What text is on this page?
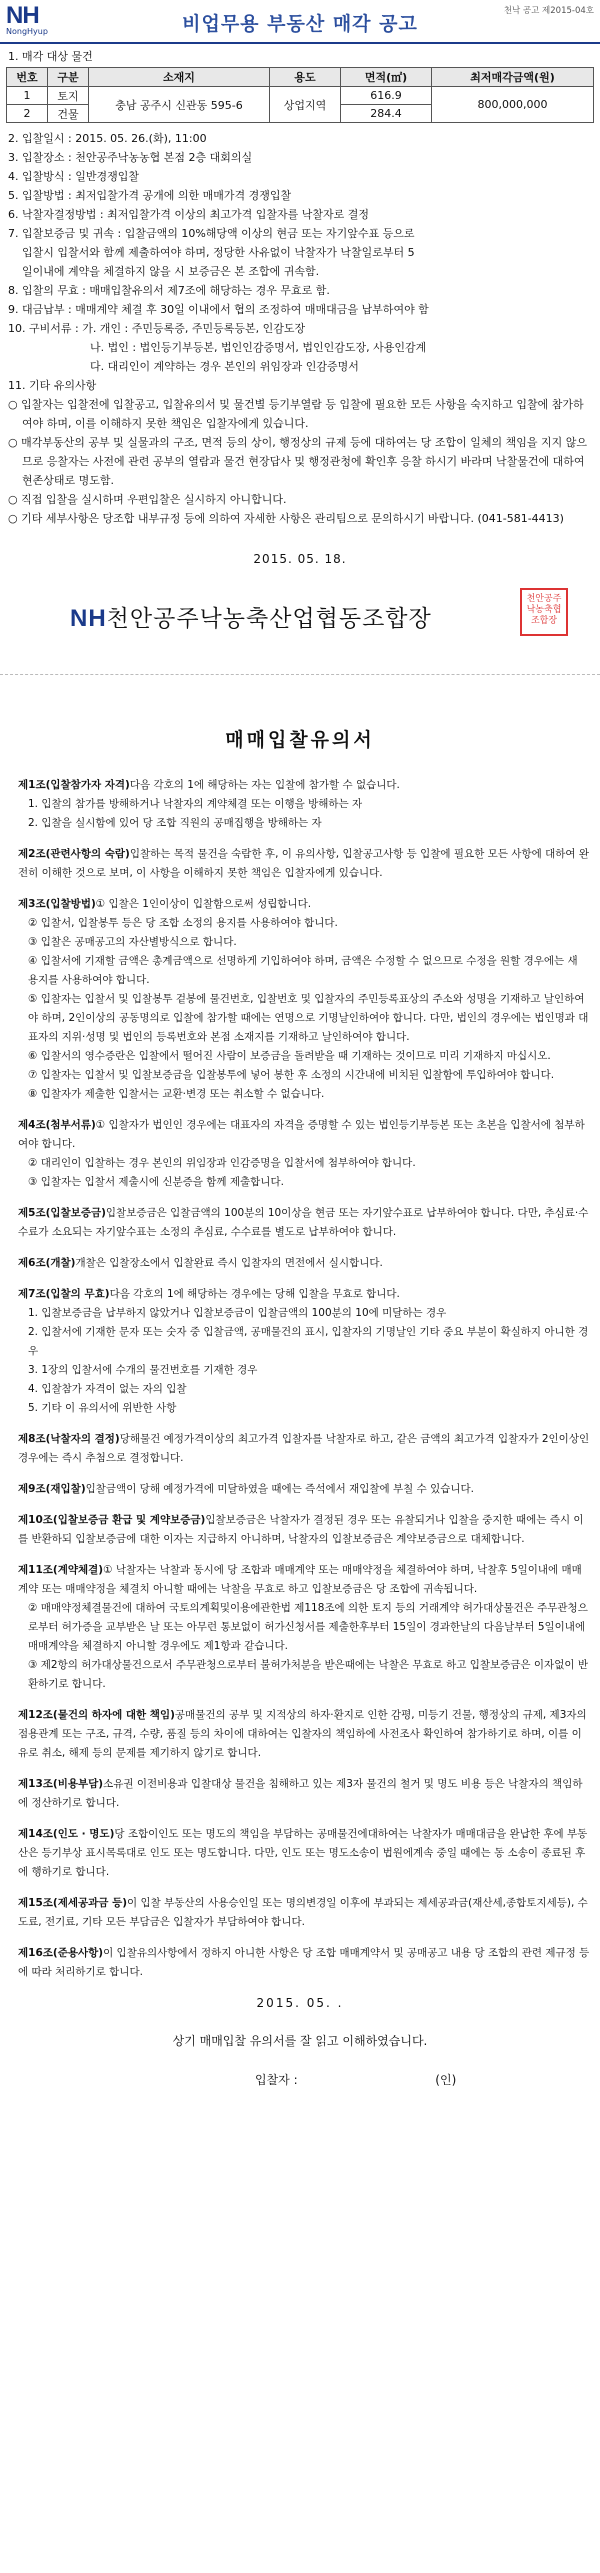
NH
NongHyup	비업무용 부동산 매각 공고
천낙 공고 제2015-04호
1. 매각 대상 물건
번호	구분	소재지	용도	면적(㎡)	최저매각금액(원)
1	토지	충남 공주시 신관동 595-6	상업지역	616.9	800,000,000
2	건물			284.4	

2. 입찰일시 : 2015. 05. 26.(화), 11:00

3. 입찰장소 : 천안공주낙농농협 본점 2층 대회의실

4. 입찰방식 : 일반경쟁입찰

5. 입찰방법 : 최저입찰가격 공개에 의한 매매가격 경쟁입찰

6. 낙찰자결정방법 : 최저입찰가격 이상의 최고가격 입찰자를 낙찰자로 결정

7. 입찰보증금 및 귀속 : 입찰금액의 10%해당액 이상의 현금 또는 자기앞수표 등으로

입찰시 입찰서와 함께 제출하여야 하며, 정당한 사유없이 낙찰자가 낙찰일로부터 5

일이내에 계약을 체결하지 않을 시 보증금은 본 조합에 귀속함.

8. 입찰의 무효 : 매매입찰유의서 제7조에 해당하는 경우 무효로 함.

9. 대금납부 : 매매계약 체결 후 30일 이내에서 협의 조정하여 매매대금을 납부하여야 함

10. 구비서류 : 가. 개인 : 주민등록증, 주민등록등본, 인감도장

나. 법인 : 법인등기부등본, 법인인감증명서, 법인인감도장, 사용인감계

다. 대리인이 계약하는 경우 본인의 위임장과 인감증명서

11. 기타 유의사항

○ 입찰자는 입찰전에 입찰공고, 입찰유의서 및 물건별 등기부열람 등 입찰에 필요한 모든 사항을 숙지하고 입찰에 참가하여야 하며, 이를 이해하지 못한 책임은 입찰자에게 있습니다.

○ 매각부동산의 공부 및 실물과의 구조, 면적 등의 상이, 행정상의 규제 등에 대하여는 당 조합이 일체의 책임을 지지 않으므로 응찰자는 사전에 관련 공부의 열람과 물건 현장답사 및 행정관청에 확인후 응찰 하시기 바라며 낙찰물건에 대하여 현존상태로 명도함.

○ 직접 입찰을 실시하며 우편입찰은 실시하지 아니합니다.

○ 기타 세부사항은 당조합 내부규정 등에 의하여 자세한 사항은 관리팀으로 문의하시기 바랍니다. (041-581-4413)

2015. 05. 18.
NH천안공주낙농축산업협동조합장
천안공주
낙농축협
조합장
매매입찰유의서

제1조(입찰참가자 자격)다음 각호의 1에 해당하는 자는 입찰에 참가할 수 없습니다.

1. 입찰의 참가를 방해하거나 낙찰자의 계약체결 또는 이행을 방해하는 자

2. 입찰을 실시함에 있어 당 조합 직원의 공매집행을 방해하는 자

제2조(관련사항의 숙람)입찰하는 목적 물건을 숙람한 후, 이 유의사항, 입찰공고사항 등 입찰에 필요한 모든 사항에 대하여 완전히 이해한 것으로 보며, 이 사항을 이해하지 못한 책임은 입찰자에게 있습니다.

제3조(입찰방법)① 입찰은 1인이상이 입찰함으로써 성립합니다.

② 입찰서, 입찰봉투 등은 당 조합 소정의 용지를 사용하여야 합니다.

③ 입찰은 공매공고의 자산별방식으로 합니다.

④ 입찰서에 기재할 금액은 총계금액으로 선명하게 기입하여야 하며, 금액은 수정할 수 없으므로 수정을 원할 경우에는 새 용지를 사용하여야 합니다.

⑤ 입찰자는 입찰서 및 입찰봉투 겉봉에 물건번호, 입찰번호 및 입찰자의 주민등록표상의 주소와 성명을 기재하고 날인하여야 하며, 2인이상의 공동명의로 입찰에 참가할 때에는 연명으로 기명날인하여야 합니다. 다만, 법인의 경우에는 법인명과 대표자의 지위·성명 및 법인의 등록번호와 본점 소재지를 기재하고 날인하여야 합니다.

⑥ 입찰서의 영수증란은 입찰에서 떨어진 사람이 보증금을 돌려받을 때 기재하는 것이므로 미리 기재하지 마십시오.

⑦ 입찰자는 입찰서 및 입찰보증금을 입찰봉투에 넣어 봉한 후 소정의 시간내에 비치된 입찰함에 투입하여야 합니다.

⑧ 입찰자가 제출한 입찰서는 교환·변경 또는 취소할 수 없습니다.

제4조(첨부서류)① 입찰자가 법인인 경우에는 대표자의 자격을 증명할 수 있는 법인등기부등본 또는 초본을 입찰서에 첨부하여야 합니다.

② 대리인이 입찰하는 경우 본인의 위임장과 인감증명을 입찰서에 첨부하여야 합니다.

③ 입찰자는 입찰서 제출시에 신분증을 함께 제출합니다.

제5조(입찰보증금)입찰보증금은 입찰금액의 100분의 10이상을 현금 또는 자기앞수표로 납부하여야 합니다. 다만, 추심료·수수료가 소요되는 자기앞수표는 소정의 추심료, 수수료를 별도로 납부하여야 합니다.

제6조(개찰)개찰은 입찰장소에서 입찰완료 즉시 입찰자의 면전에서 실시합니다.

제7조(입찰의 무효)다음 각호의 1에 해당하는 경우에는 당해 입찰을 무효로 합니다.

1. 입찰보증금을 납부하지 않았거나 입찰보증금이 입찰금액의 100분의 10에 미달하는 경우

2. 입찰서에 기재한 문자 또는 숫자 중 입찰금액, 공매물건의 표시, 입찰자의 기명날인 기타 중요 부분이 확실하지 아니한 경우

3. 1장의 입찰서에 수개의 물건번호를 기재한 경우

4. 입찰참가 자격이 없는 자의 입찰

5. 기타 이 유의서에 위반한 사항

제8조(낙찰자의 결정)당해물건 예정가격이상의 최고가격 입찰자를 낙찰자로 하고, 같은 금액의 최고가격 입찰자가 2인이상인 경우에는 즉시 추첨으로 결정합니다.

제9조(재입찰)입찰금액이 당해 예정가격에 미달하였을 때에는 즉석에서 재입찰에 부칠 수 있습니다.

제10조(입찰보증금 환급 및 계약보증금)입찰보증금은 낙찰자가 결정된 경우 또는 유찰되거나 입찰을 중지한 때에는 즉시 이를 반환하되 입찰보증금에 대한 이자는 지급하지 아니하며, 낙찰자의 입찰보증금은 계약보증금으로 대체합니다.

제11조(계약체결)① 낙찰자는 낙찰과 동시에 당 조합과 매매계약 또는 매매약정을 체결하여야 하며, 낙찰후 5일이내에 매매계약 또는 매매약정을 체결치 아니할 때에는 낙찰을 무효로 하고 입찰보증금은 당 조합에 귀속됩니다.

② 매매약정체결물건에 대하여 국토의계획및이용에관한법 제118조에 의한 토지 등의 거래계약 허가대상물건은 주무관청으로부터 허가증을 교부받은 날 또는 아무런 통보없이 허가신청서를 제출한후부터 15일이 경과한날의 다음날부터 5일이내에 매매계약을 체결하지 아니할 경우에도 제1항과 같습니다.

③ 제2항의 허가대상물건으로서 주무관청으로부터 불허가처분을 받은때에는 낙찰은 무효로 하고 입찰보증금은 이자없이 반환하기로 합니다.

제12조(물건의 하자에 대한 책임)공매물건의 공부 및 지적상의 하자·환지로 인한 감평, 미등기 건물, 행정상의 규제, 제3자의 점용관계 또는 구조, 규격, 수량, 품질 등의 차이에 대하여는 입찰자의 책임하에 사전조사 확인하여 참가하기로 하며, 이를 이유로 취소, 해제 등의 문제를 제기하지 않기로 합니다.

제13조(비용부담)소유권 이전비용과 입찰대상 물건을 침해하고 있는 제3자 물건의 철거 및 명도 비용 등은 낙찰자의 책임하에 정산하기로 합니다.

제14조(인도 · 명도)당 조합이인도 또는 명도의 책임을 부담하는 공매물건에대하여는 낙찰자가 매매대금을 완납한 후에 부동산은 등기부상 표시목록대로 인도 또는 명도합니다. 다만, 인도 또는 명도소송이 법원에계속 중일 때에는 동 소송이 종료된 후에 행하기로 합니다.

제15조(제세공과금 등)이 입찰 부동산의 사용승인일 또는 명의변경일 이후에 부과되는 제세공과금(재산세,종합토지세등), 수도료, 전기료, 기타 모든 부담금은 입찰자가 부담하여야 합니다.

제16조(준용사항)이 입찰유의사항에서 정하지 아니한 사항은 당 조합 매매계약서 및 공매공고 내용 당 조합의 관련 제규정 등에 따라 처리하기로 합니다.

2015. 05. .
상기 매매입찰 유의서를 잘 읽고 이해하였습니다.
입찰자 :	(인)
